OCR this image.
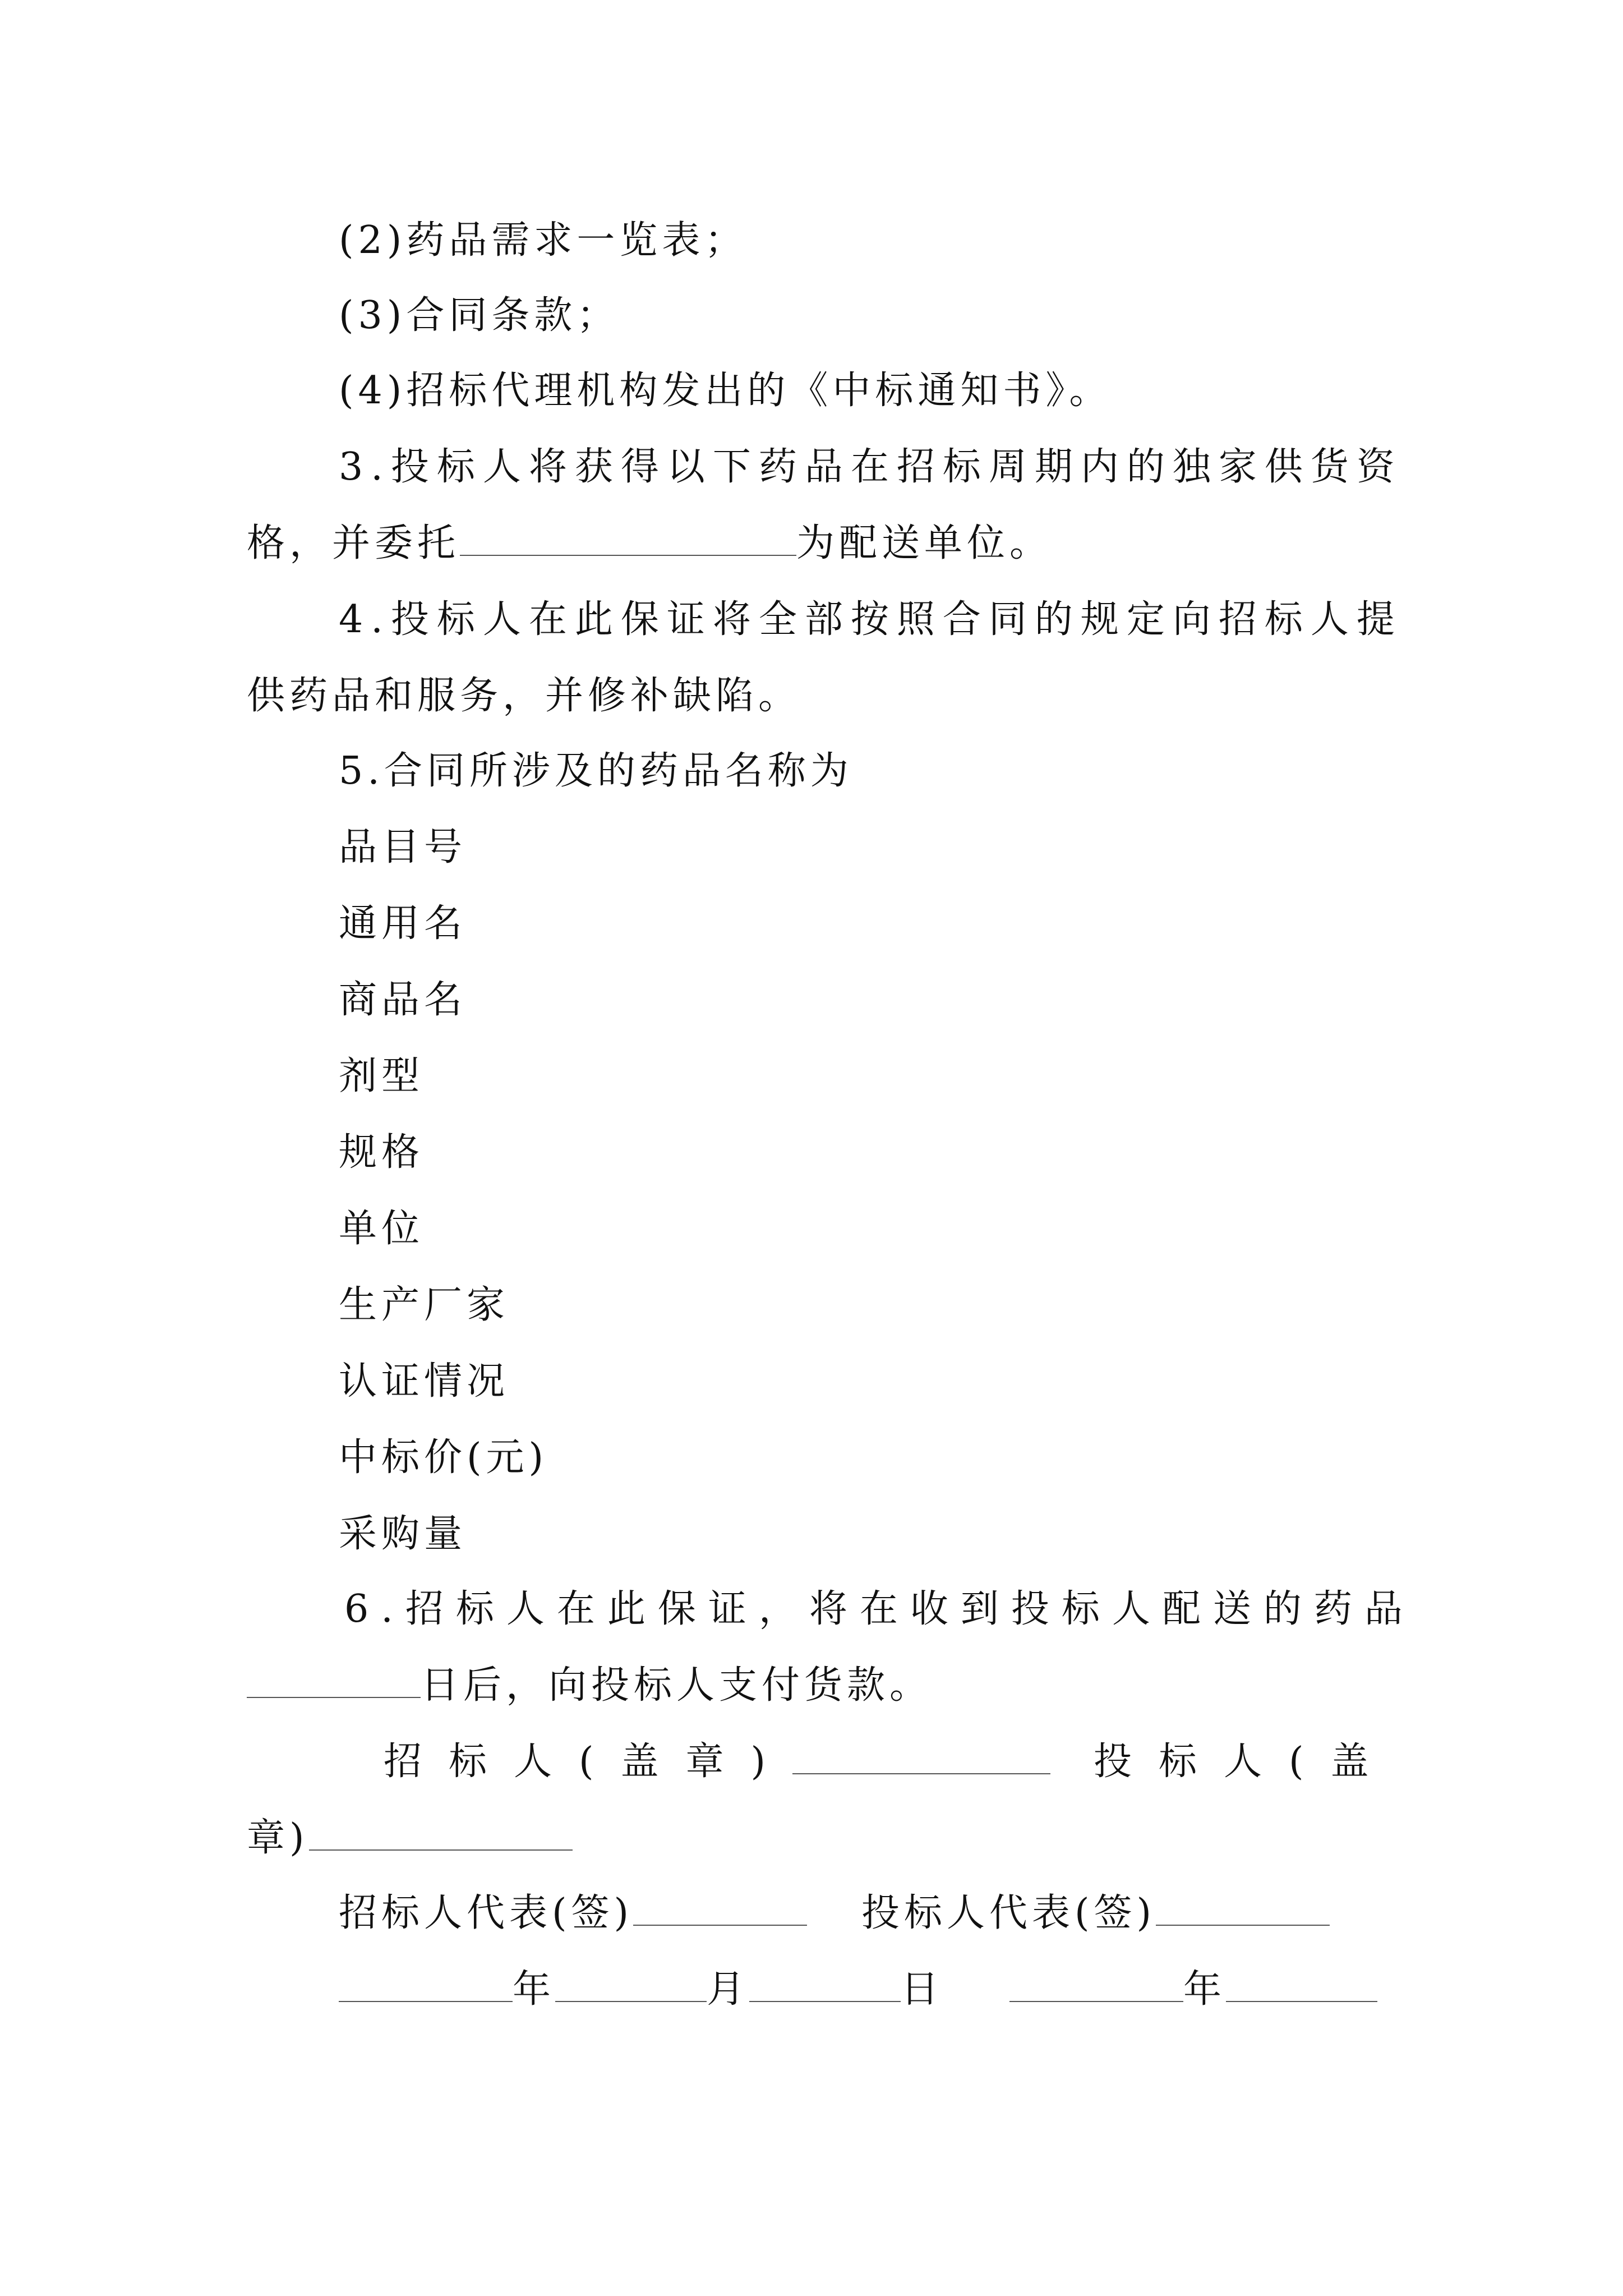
(2)药品需求一览表；
(3)合同条款；
(4)招标代理机构发出的《中标通知书》。
3.投标人将获得以下药品在招标周期内的独家供货资
格，并委托	为配送单位。
4.投标人在此保证将全部按照合同的规定向招标人提
供药品和服务，并修补缺陷。
5.合同所涉及的药品名称为
品目号
通用名
商品名
剂型
规格
单位
生产厂家
认证情况
中标价(元)
采购量
6.招标人在此保证，将在收到投标人配送的药品
日后，向投标人支付货款。
招标人(盖章)	投标人(盖
章)
招标人代表(签)	投标人代表(签)
年	月	日	年
